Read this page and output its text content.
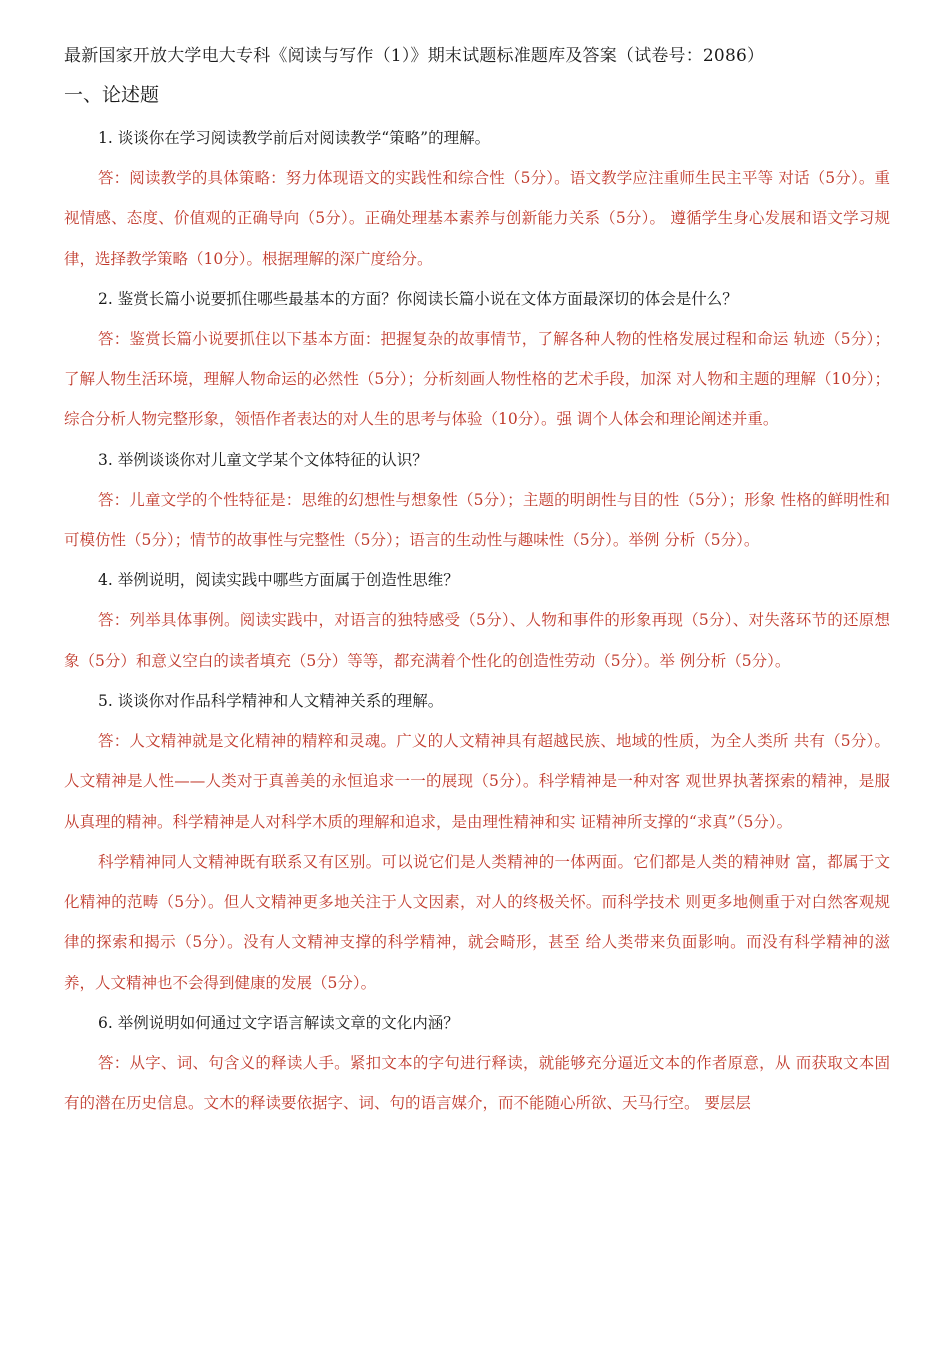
最新国家开放大学电大专科《阅读与写作（1）》期末试题标准题库及答案（试卷号：2086）
一、论述题

1. 谈谈你在学习阅读教学前后对阅读教学“策略”的理解。

答：阅读教学的具体策略：努力体现语文的实践性和综合性（5分）。语文教学应注重师生民主平等 对话（5分）。重视情感、态度、价值观的正确导向（5分）。正确处理基本素养与创新能力关系（5分）。 遵循学生身心发展和语文学习规律，选择教学策略（10分）。根据理解的深广度给分。

2. 鉴赏长篇小说要抓住哪些最基本的方面？你阅读长篇小说在文体方面最深切的体会是什么？

答：鉴赏长篇小说要抓住以下基本方面：把握复杂的故事情节，了解各种人物的性格发展过程和命运 轨迹（5分）；了解人物生活环境，理解人物命运的必然性（5分）；分析刻画人物性格的艺术手段，加深 对人物和主题的理解（10分）；综合分析人物完整形象，领悟作者表达的对人生的思考与体验（10分）。强 调个人体会和理论阐述并重。

3. 举例谈谈你对儿童文学某个文体特征的认识？

答：儿童文学的个性特征是：思维的幻想性与想象性（5分）；主题的明朗性与目的性（5分）；形象 性格的鲜明性和可模仿性（5分）；情节的故事性与完整性（5分）；语言的生动性与趣味性（5分）。举例 分析（5分）。

4. 举例说明，阅读实践中哪些方面属于创造性思维？

答：列举具体事例。阅读实践中，对语言的独特感受（5分）、人物和事件的形象再现（5分）、对失落环节的还原想象（5分）和意义空白的读者填充（5分）等等，都充满着个性化的创造性劳动（5分）。举 例分析（5分）。

5. 谈谈你对作品科学精神和人文精神关系的理解。

答：人文精神就是文化精神的精粹和灵魂。广义的人文精神具有超越民族、地域的性质，为全人类所 共有（5分）。人文精神是人性——人类对于真善美的永恒追求一一的展现（5分）。科学精神是一种对客 观世界执著探索的精神，是服从真理的精神。科学精神是人对科学木质的理解和追求，是由理性精神和实 证精神所支撑的“求真”（5分）。

科学精神同人文精神既有联系又有区别。可以说它们是人类精神的一体两面。它们都是人类的精神财 富，都属于文化精神的范畴（5分）。但人文精神更多地关注于人文因素，对人的终极关怀。而科学技术 则更多地侧重于对白然客观规律的探索和揭示（5分）。没有人文精神支撑的科学精神，就会畸形，甚至 给人类带来负面影响。而没有科学精神的滋养，人文精神也不会得到健康的发展（5分）。

6. 举例说明如何通过文字语言解读文章的文化内涵？

答：从字、词、句含义的释读人手。紧扣文本的字句进行释读，就能够充分逼近文本的作者原意，从 而获取文本固有的潜在历史信息。文木的释读要依据字、词、句的语言媒介，而不能随心所欲、天马行空。 要层层
